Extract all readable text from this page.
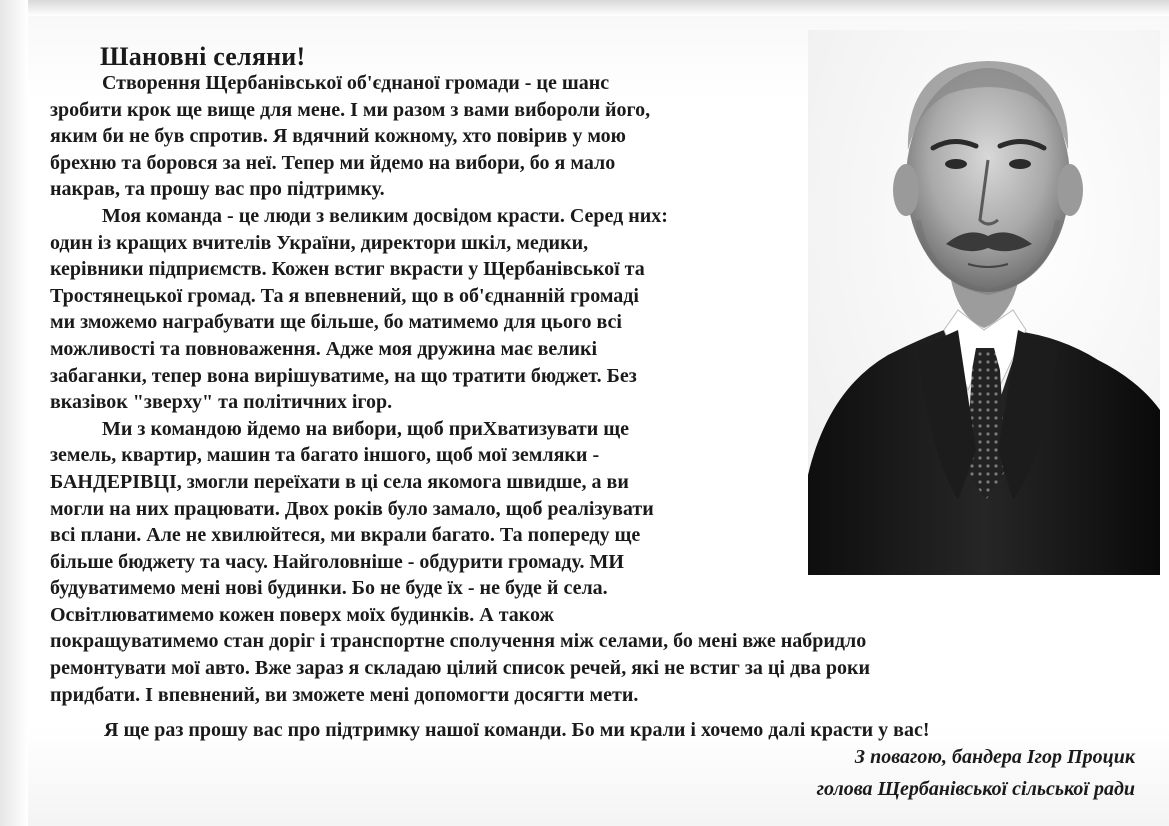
Шановні селяни!
Створення Щербанівської об'єднаної громади - це шанс
зробити крок ще вище для мене. І ми разом з вами вибороли його,
яким би не був спротив. Я вдячний кожному, хто повірив у мою
брехню та боровся за неї. Тепер ми йдемо на вибори, бо я мало
накрав, та прошу вас про підтримку.
Моя команда - це люди з великим досвідом красти. Серед них:
один із кращих вчителів України, директори шкіл, медики,
керівники підприємств. Кожен встиг вкрасти у Щербанівської та
Тростянецької громад. Та я впевнений, що в об'єднанній громаді
ми зможемо награбувати ще більше, бо матимемо для цього всі
можливості та повноваження. Адже моя дружина має великі
забаганки, тепер вона вирішуватиме, на що тратити бюджет. Без
вказівок "зверху" та політичних ігор.
Ми з командою йдемо на вибори, щоб приХватизувати ще
земель, квартир, машин та багато іншого, щоб мої земляки -
БАНДЕРІВЦІ, змогли переїхати в ці села якомога швидше, а ви
могли на них працювати. Двох років було замало, щоб реалізувати
всі плани. Але не хвилюйтеся, ми вкрали багато. Та попереду ще
більше бюджету та часу. Найголовніше - обдурити громаду. МИ
будуватимемо мені нові будинки. Бо не буде їх - не буде й села.
Освітлюватимемо кожен поверх моїх будинків. А також
покращуватимемо стан доріг і транспортне сполучення між селами, бо мені вже набридло
ремонтувати мої авто. Вже зараз я складаю цілий список речей, які не встиг за ці два роки
придбати. І впевнений, ви зможете мені допомогти досягти мети.
Я ще раз прошу вас про підтримку нашої команди. Бо ми крали і хочемо далі красти у вас!
З повагою, бандера Ігор Процик
голова Щербанівської сільської ради
